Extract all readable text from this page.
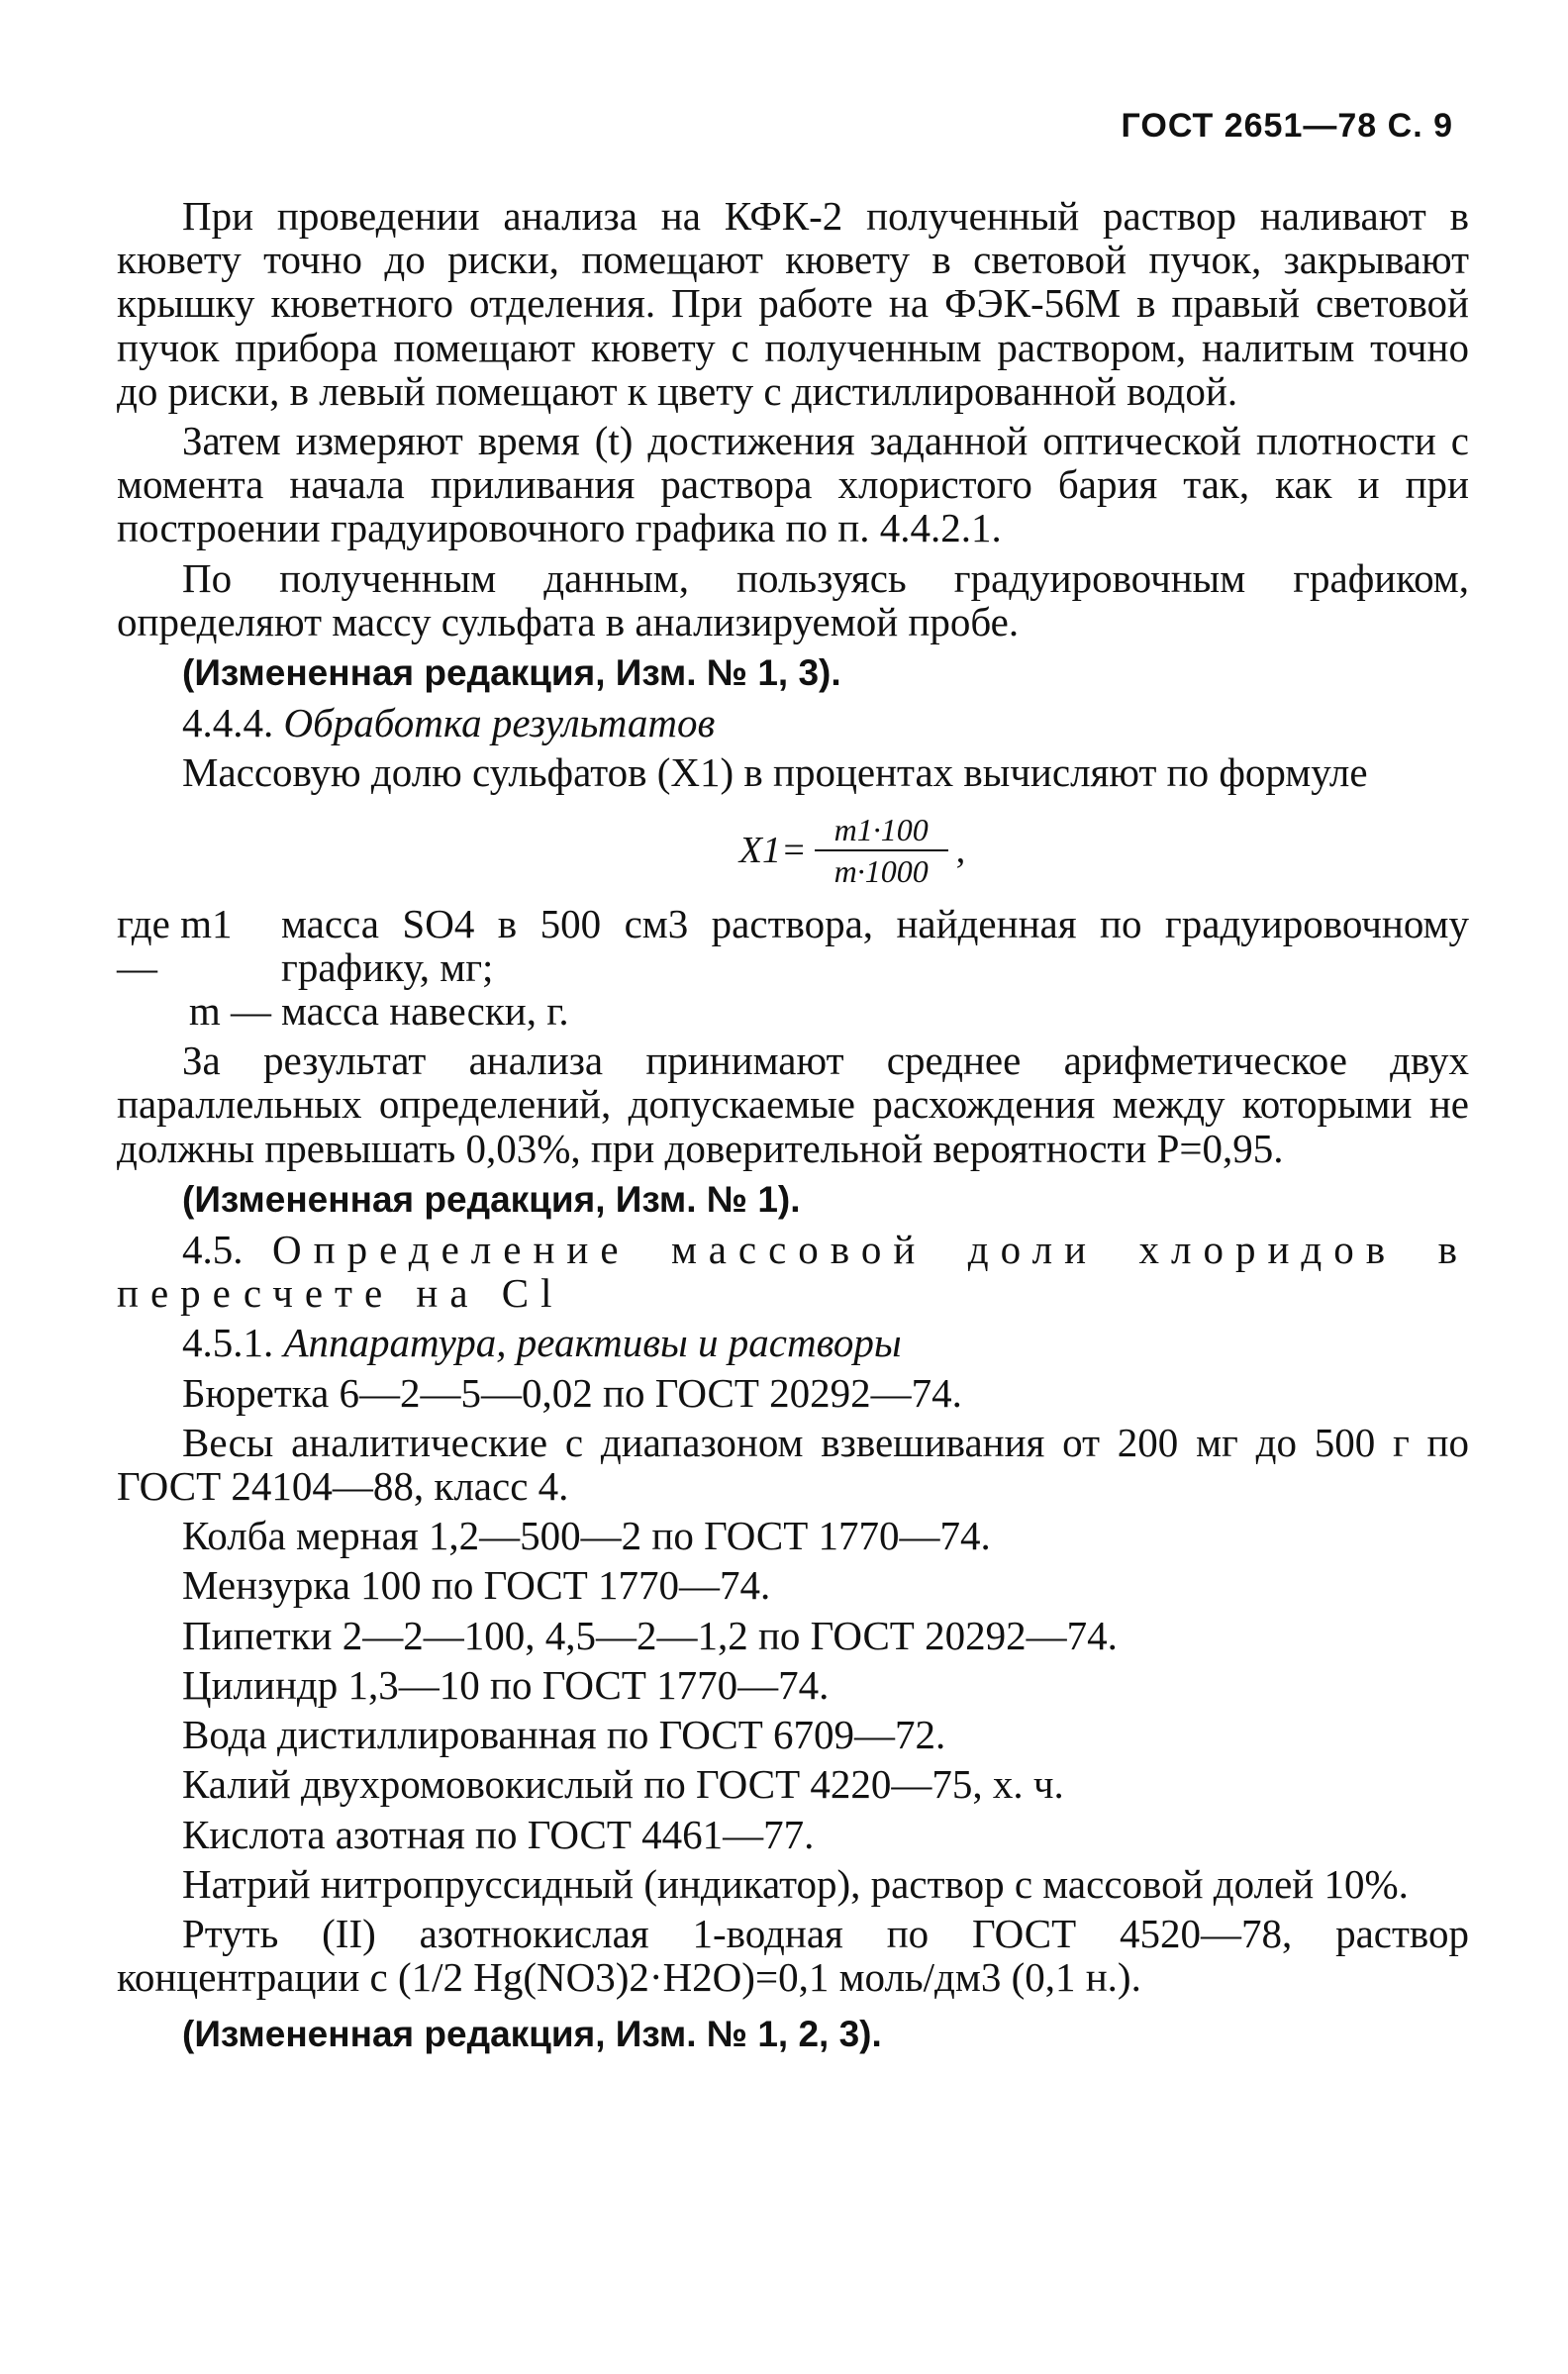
ГОСТ 2651—78 С. 9

При проведении анализа на КФК-2 полученный раствор наливают в кювету точно до риски, помещают кювету в световой пучок, закрывают крышку кюветного отделения. При работе на ФЭК-56М в правый световой пучок прибора помещают кювету с полученным раствором, налитым точно до риски, в левый помещают к цвету с дистиллированной водой.

Затем измеряют время (t) достижения заданной оптической плотности с момента начала приливания раствора хлористого бария так, как и при построении градуировочного графика по п. 4.4.2.1.

По полученным данным, пользуясь градуировочным графиком, определяют массу сульфата в анализируемой пробе.

(Измененная редакция, Изм. № 1, 3).

4.4.4. Обработка результатов

Массовую долю сульфатов (X1) в процентах вычисляют по формуле

$X1= \frac{m1\cdot 100}{m\cdot 1000}$ ,
где m1 —
масса SO4 в 500 см3 раствора, найденная по градуировочному графику, мг;
m — масса навески, г.

За результат анализа принимают среднее арифметическое двух параллельных определений, допускаемые расхождения между которыми не должны превышать 0,03%, при доверительной вероятности P=0,95.

(Измененная редакция, Изм. № 1).

4.5. Определение массовой доли хлоридов в пересчете на Cl

4.5.1. Аппаратура, реактивы и растворы

Бюретка 6—2—5—0,02 по ГОСТ 20292—74.

Весы аналитические с диапазоном взвешивания от 200 мг до 500 г по ГОСТ 24104—88, класс 4.

Колба мерная 1,2—500—2 по ГОСТ 1770—74.

Мензурка 100 по ГОСТ 1770—74.

Пипетки 2—2—100, 4,5—2—1,2 по ГОСТ 20292—74.

Цилиндр 1,3—10 по ГОСТ 1770—74.

Вода дистиллированная по ГОСТ 6709—72.

Калий двухромовокислый по ГОСТ 4220—75, х. ч.

Кислота азотная по ГОСТ 4461—77.

Натрий нитропруссидный (индикатор), раствор с массовой долей 10%.

Ртуть (II) азотнокислая 1-водная по ГОСТ 4520—78, раствор концентрации c (1/2 Hg(NO3)2·H2O)=0,1 моль/дм3 (0,1 н.).

(Измененная редакция, Изм. № 1, 2, 3).
